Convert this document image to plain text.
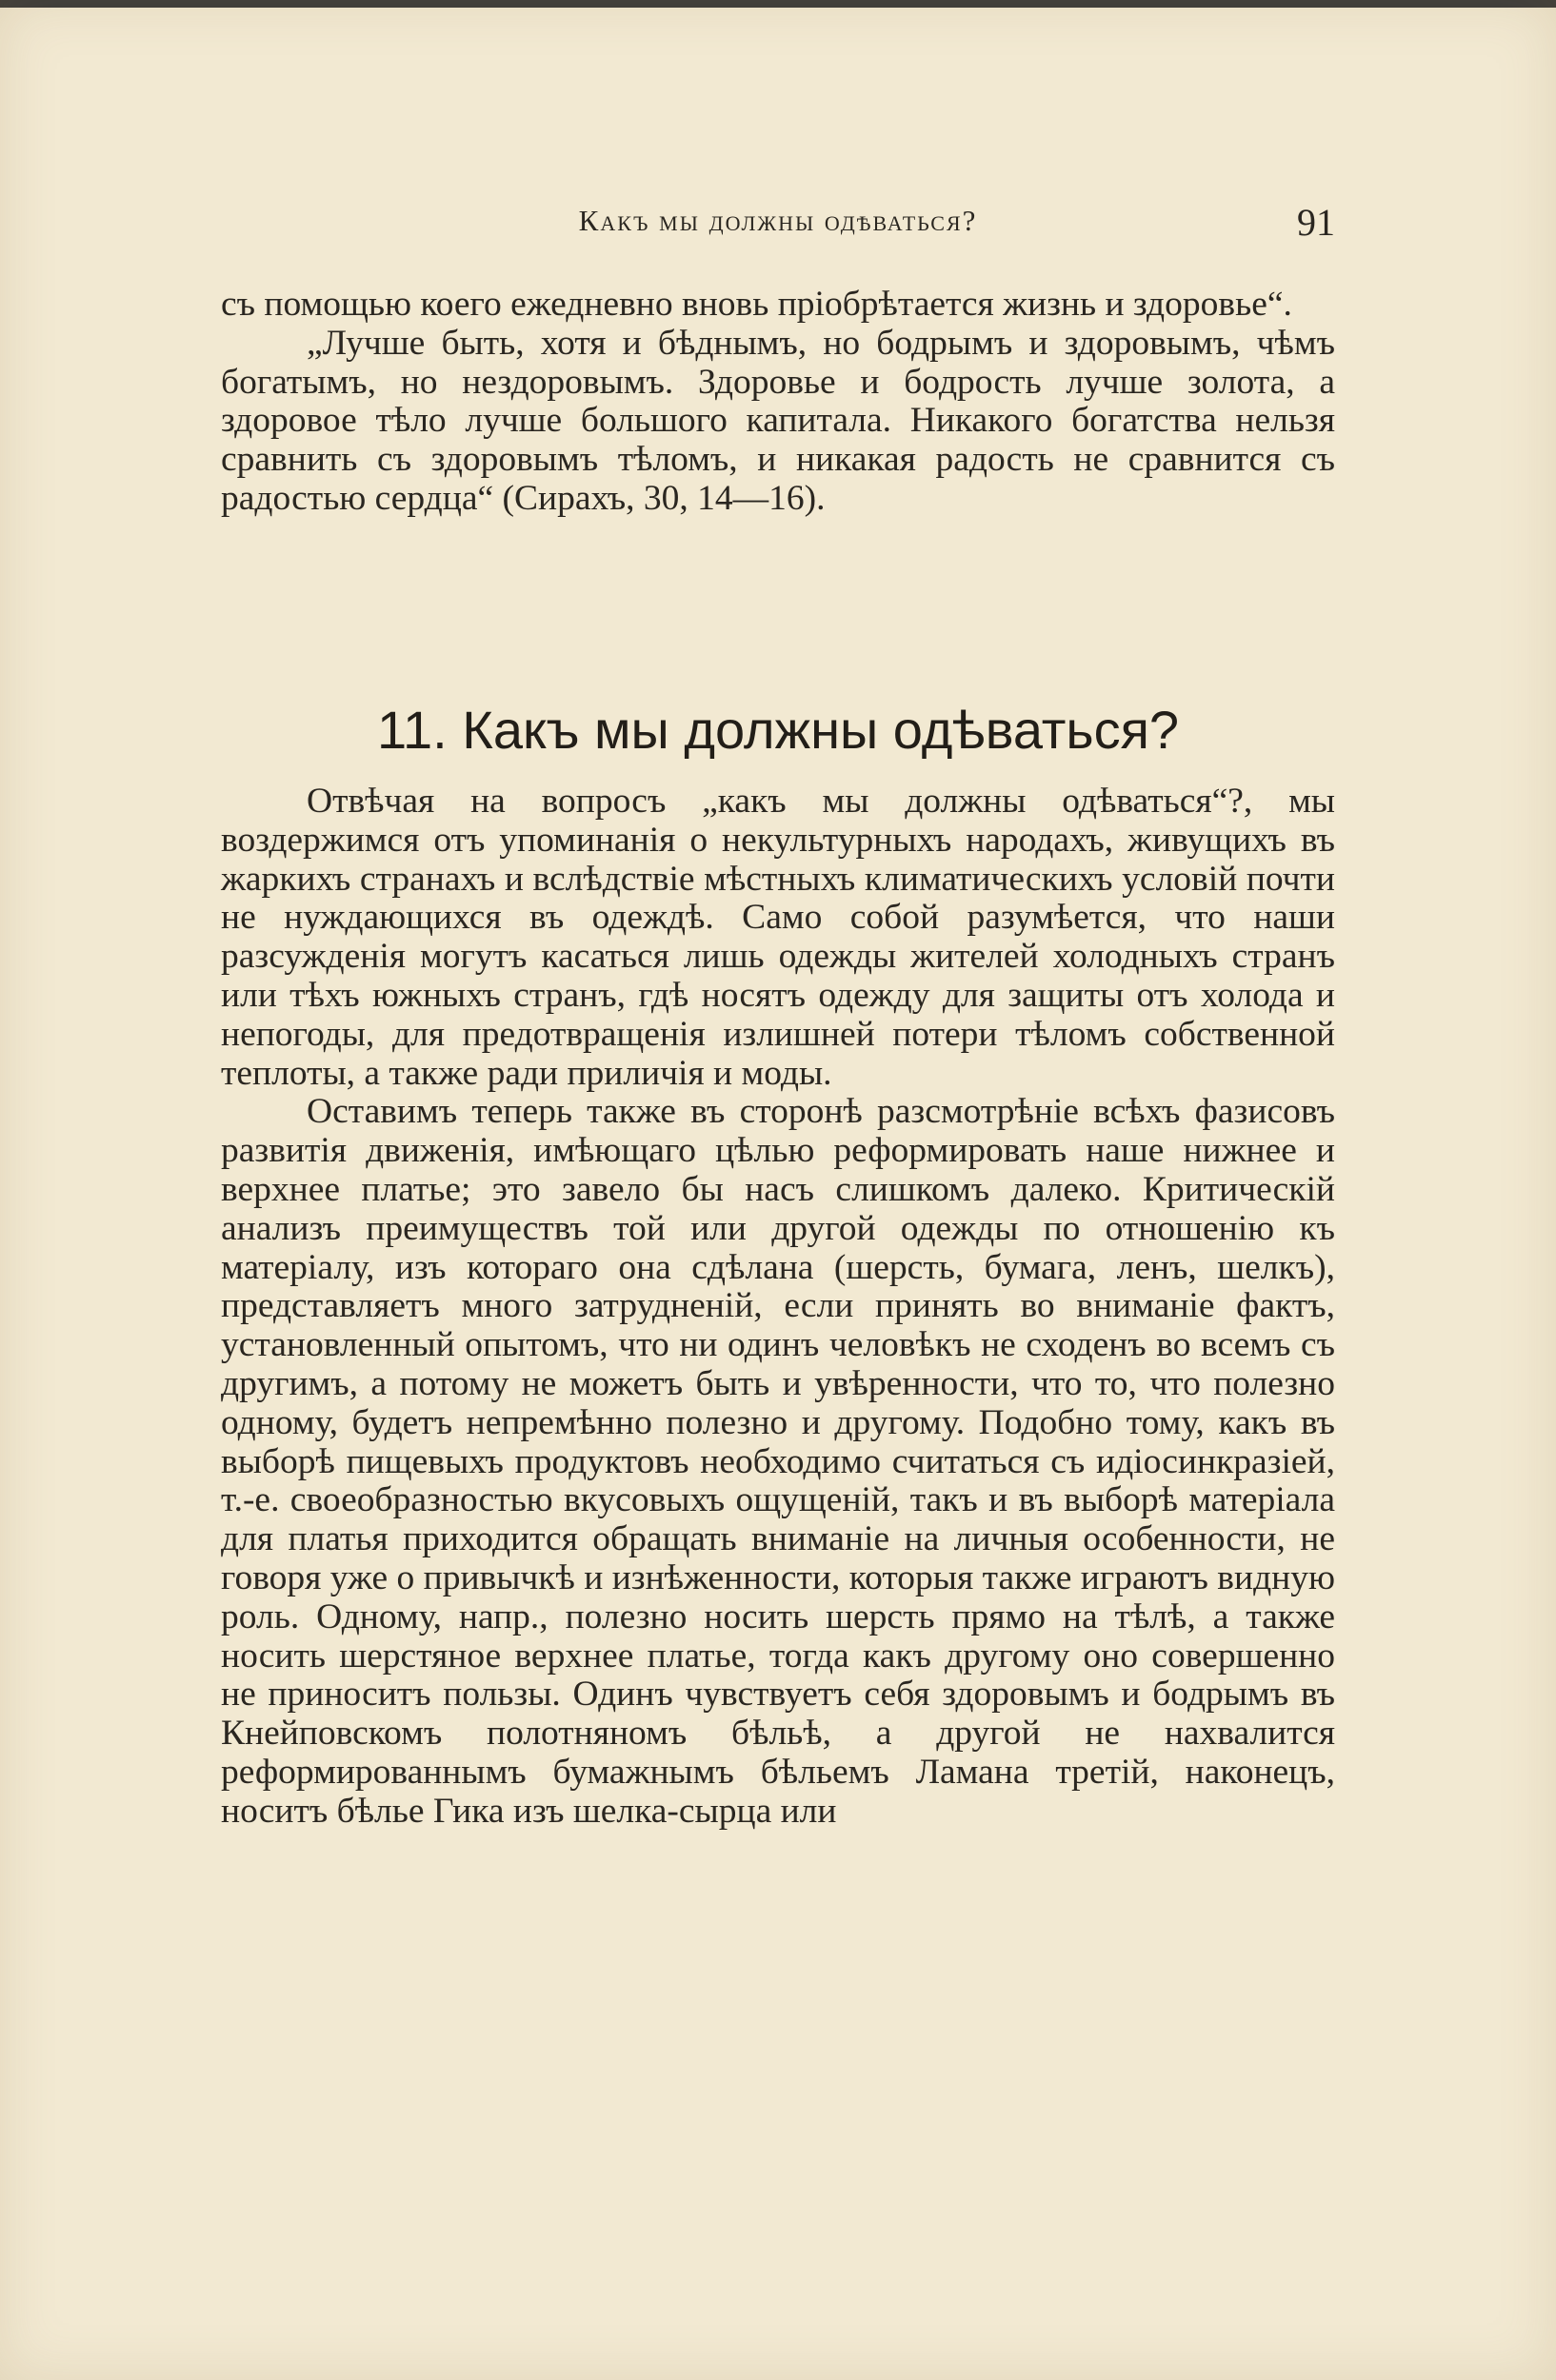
Какъ мы должны одѣваться?	91

съ помощью коего ежедневно вновь пріобрѣтается жизнь и здоровье“.

„Лучше быть, хотя и бѣднымъ, но бодрымъ и здоровымъ, чѣмъ богатымъ, но нездоровымъ. Здоровье и бодрость лучше золота, а здоровое тѣло лучше большого капитала. Никакого богатства нельзя сравнить съ здоровымъ тѣломъ, и никакая радость не сравнится съ радостью сердца“ (Сирахъ, 30, 14—16).

11. Какъ мы должны одѣваться?

Отвѣчая на вопросъ „какъ мы должны одѣваться“?, мы воздержимся отъ упоминанія о некультурныхъ народахъ, живущихъ въ жаркихъ странахъ и вслѣдствіе мѣстныхъ климатическихъ условій почти не нуждающихся въ одеждѣ. Само собой разумѣется, что наши разсужденія могутъ касаться лишь одежды жителей холодныхъ странъ или тѣхъ южныхъ странъ, гдѣ носятъ одежду для защиты отъ холода и непогоды, для предотвращенія излишней потери тѣломъ собственной теплоты, а также ради приличія и моды.

Оставимъ теперь также въ сторонѣ разсмотрѣніе всѣхъ фазисовъ развитія движенія, имѣющаго цѣлью реформировать наше нижнее и верхнее платье; это завело бы насъ слишкомъ далеко. Критическій анализъ преимуществъ той или другой одежды по отношенію къ матеріалу, изъ котораго она сдѣлана (шерсть, бумага, ленъ, шелкъ), представляетъ много затрудненій, если принять во вниманіе фактъ, установленный опытомъ, что ни одинъ человѣкъ не сходенъ во всемъ съ другимъ, а потому не можетъ быть и увѣренности, что то, что полезно одному, будетъ непремѣнно полезно и другому. Подобно тому, какъ въ выборѣ пищевыхъ продуктовъ необходимо считаться съ идіосинкразіей, т.-е. своеобразностью вкусовыхъ ощущеній, такъ и въ выборѣ матеріала для платья приходится обращать вниманіе на личныя особенности, не говоря уже о привычкѣ и изнѣженности, которыя также играютъ видную роль. Одному, напр., полезно носить шерсть прямо на тѣлѣ, а также носить шерстяное верхнее платье, тогда какъ другому оно совершенно не приноситъ пользы. Одинъ чувствуетъ себя здоровымъ и бодрымъ въ Кнейповскомъ полотняномъ бѣльѣ, а другой не нахвалится реформированнымъ бумажнымъ бѣльемъ Ламана третій, наконецъ, носитъ бѣлье Гика изъ шелка-сырца или
